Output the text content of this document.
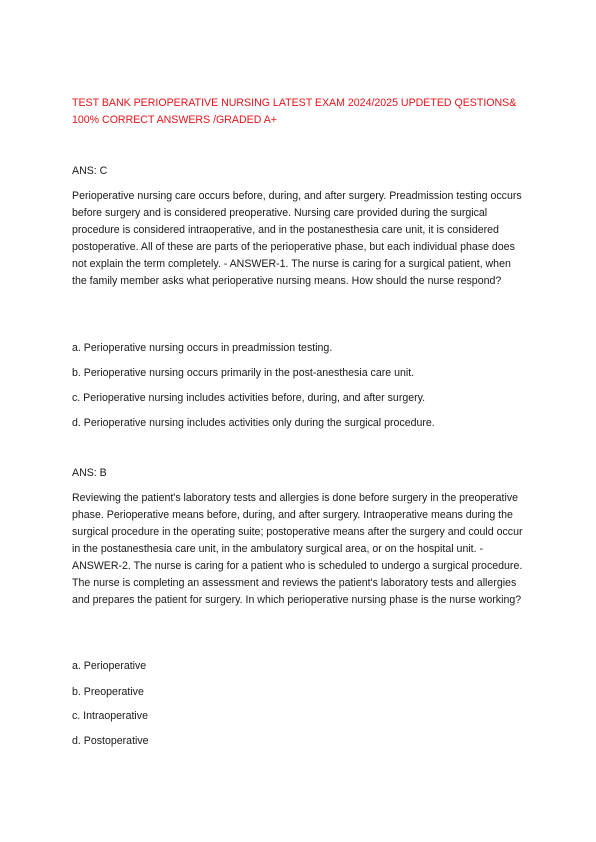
TEST BANK PERIOPERATIVE NURSING LATEST EXAM 2024/2025 UPDETED QESTIONS& 100% CORRECT ANSWERS /GRADED A+
ANS: C
Perioperative nursing care occurs before, during, and after surgery. Preadmission testing occurs before surgery and is considered preoperative. Nursing care provided during the surgical procedure is considered intraoperative, and in the postanesthesia care unit, it is considered postoperative. All of these are parts of the perioperative phase, but each individual phase does not explain the term completely. - ANSWER-1. The nurse is caring for a surgical patient, when the family member asks what perioperative nursing means. How should the nurse respond?
a. Perioperative nursing occurs in preadmission testing.
b. Perioperative nursing occurs primarily in the post-anesthesia care unit.
c. Perioperative nursing includes activities before, during, and after surgery.
d. Perioperative nursing includes activities only during the surgical procedure.
ANS: B
Reviewing the patient's laboratory tests and allergies is done before surgery in the preoperative phase. Perioperative means before, during, and after surgery. Intraoperative means during the surgical procedure in the operating suite; postoperative means after the surgery and could occur in the postanesthesia care unit, in the ambulatory surgical area, or on the hospital unit. - ANSWER-2. The nurse is caring for a patient who is scheduled to undergo a surgical procedure. The nurse is completing an assessment and reviews the patient's laboratory tests and allergies and prepares the patient for surgery. In which perioperative nursing phase is the nurse working?
a. Perioperative
b. Preoperative
c. Intraoperative
d. Postoperative
